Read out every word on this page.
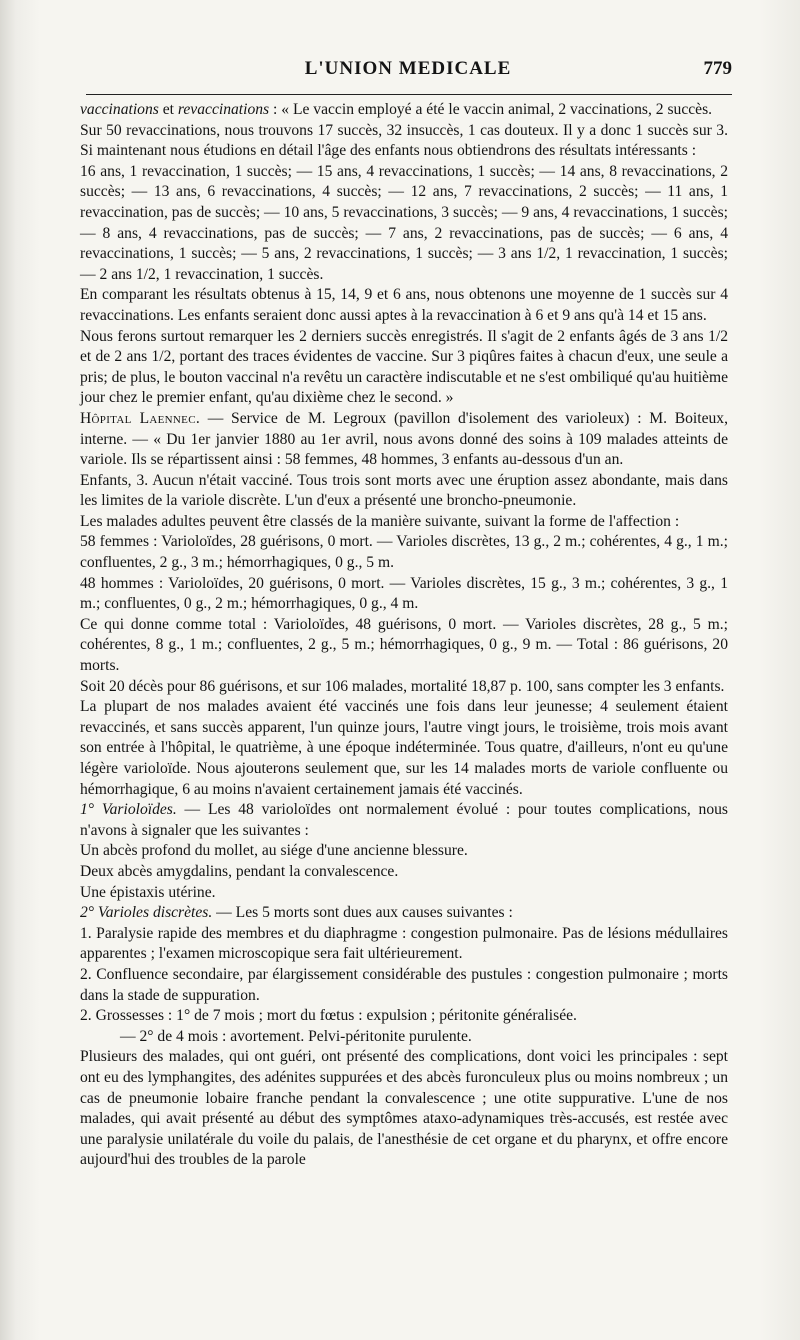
L'UNION MEDICALE	779

vaccinations et revaccinations : « Le vaccin employé a été le vaccin animal, 2 vaccinations, 2 succès.

Sur 50 revaccinations, nous trouvons 17 succès, 32 insuccès, 1 cas douteux. Il y a donc 1 succès sur 3. Si maintenant nous étudions en détail l'âge des enfants nous obtiendrons des résultats intéressants :

16 ans, 1 revaccination, 1 succès; — 15 ans, 4 revaccinations, 1 succès; — 14 ans, 8 revaccinations, 2 succès; — 13 ans, 6 revaccinations, 4 succès; — 12 ans, 7 revaccinations, 2 succès; — 11 ans, 1 revaccination, pas de succès; — 10 ans, 5 revaccinations, 3 succès; — 9 ans, 4 revaccinations, 1 succès; — 8 ans, 4 revaccinations, pas de succès; — 7 ans, 2 revaccinations, pas de succès; — 6 ans, 4 revaccinations, 1 succès; — 5 ans, 2 revaccinations, 1 succès; — 3 ans 1/2, 1 revaccination, 1 succès; — 2 ans 1/2, 1 revaccination, 1 succès.

En comparant les résultats obtenus à 15, 14, 9 et 6 ans, nous obtenons une moyenne de 1 succès sur 4 revaccinations. Les enfants seraient donc aussi aptes à la revaccination à 6 et 9 ans qu'à 14 et 15 ans.

Nous ferons surtout remarquer les 2 derniers succès enregistrés. Il s'agit de 2 enfants âgés de 3 ans 1/2 et de 2 ans 1/2, portant des traces évidentes de vaccine. Sur 3 piqûres faites à chacun d'eux, une seule a pris; de plus, le bouton vaccinal n'a revêtu un caractère indiscutable et ne s'est ombiliqué qu'au huitième jour chez le premier enfant, qu'au dixième chez le second. »

Hôpital Laennec. — Service de M. Legroux (pavillon d'isolement des varioleux) : M. Boiteux, interne. — « Du 1er janvier 1880 au 1er avril, nous avons donné des soins à 109 malades atteints de variole. Ils se répartissent ainsi : 58 femmes, 48 hommes, 3 enfants au-dessous d'un an.

Enfants, 3. Aucun n'était vacciné. Tous trois sont morts avec une éruption assez abondante, mais dans les limites de la variole discrète. L'un d'eux a présenté une broncho-pneumonie.

Les malades adultes peuvent être classés de la manière suivante, suivant la forme de l'affection :

58 femmes : Varioloïdes, 28 guérisons, 0 mort. — Varioles discrètes, 13 g., 2 m.; cohérentes, 4 g., 1 m.; confluentes, 2 g., 3 m.; hémorrhagiques, 0 g., 5 m.

48 hommes : Varioloïdes, 20 guérisons, 0 mort. — Varioles discrètes, 15 g., 3 m.; cohérentes, 3 g., 1 m.; confluentes, 0 g., 2 m.; hémorrhagiques, 0 g., 4 m.

Ce qui donne comme total : Varioloïdes, 48 guérisons, 0 mort. — Varioles discrètes, 28 g., 5 m.; cohérentes, 8 g., 1 m.; confluentes, 2 g., 5 m.; hémorrhagiques, 0 g., 9 m. — Total : 86 guérisons, 20 morts.

Soit 20 décès pour 86 guérisons, et sur 106 malades, mortalité 18,87 p. 100, sans compter les 3 enfants.

La plupart de nos malades avaient été vaccinés une fois dans leur jeunesse; 4 seulement étaient revaccinés, et sans succès apparent, l'un quinze jours, l'autre vingt jours, le troisième, trois mois avant son entrée à l'hôpital, le quatrième, à une époque indéterminée. Tous quatre, d'ailleurs, n'ont eu qu'une légère varioloïde. Nous ajouterons seulement que, sur les 14 malades morts de variole confluente ou hémorrhagique, 6 au moins n'avaient certainement jamais été vaccinés.

1° Varioloïdes. — Les 48 varioloïdes ont normalement évolué : pour toutes complications, nous n'avons à signaler que les suivantes :

Un abcès profond du mollet, au siége d'une ancienne blessure.

Deux abcès amygdalins, pendant la convalescence.

Une épistaxis utérine.

2° Varioles discrètes. — Les 5 morts sont dues aux causes suivantes :

1. Paralysie rapide des membres et du diaphragme : congestion pulmonaire. Pas de lésions médullaires apparentes ; l'examen microscopique sera fait ultérieurement.

2. Confluence secondaire, par élargissement considérable des pustules : congestion pulmonaire ; morts dans la stade de suppuration.

2. Grossesses : 1° de 7 mois ; mort du fœtus : expulsion ; péritonite généralisée.

— 2° de 4 mois : avortement. Pelvi-péritonite purulente.

Plusieurs des malades, qui ont guéri, ont présenté des complications, dont voici les principales : sept ont eu des lymphangites, des adénites suppurées et des abcès furonculeux plus ou moins nombreux ; un cas de pneumonie lobaire franche pendant la convalescence ; une otite suppurative. L'une de nos malades, qui avait présenté au début des symptômes ataxo-adynamiques très-accusés, est restée avec une paralysie unilatérale du voile du palais, de l'anesthésie de cet organe et du pharynx, et offre encore aujourd'hui des troubles de la parole
